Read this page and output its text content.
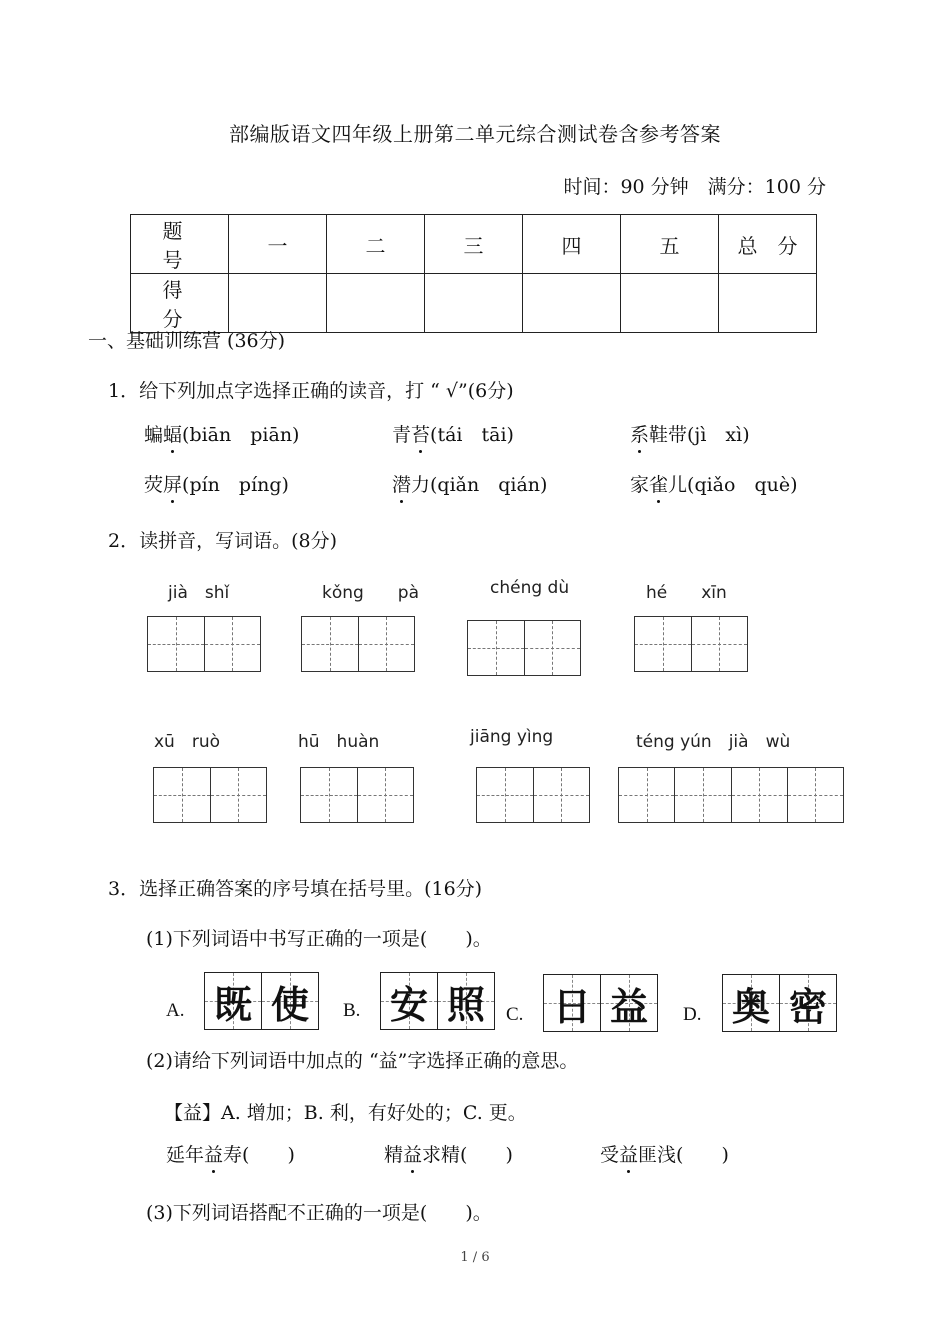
部编版语文四年级上册第二单元综合测试卷含参考答案
时间：90 分钟　满分：100 分
题　号	一	二	三	四	五	总　分
得　分						
一、基础训练营 (36分)
1．给下列加点字选择正确的读音，打 “ √”(6分)
蝙蝠(biān　piān)	青苔(tái　tāi)	系鞋带(jì　xì)
荧屏(pín　píng)	潜力(qiǎn　qián)	家雀儿(qiǎo　què)
2．读拼音，写词语。(8分)
jià　shǐ	kǒng　　pà	chéng dù	hé　　xīn
xū　ruò	hū　huàn	jiāng yìng	téng yún　jià　wù
3．选择正确答案的序号填在括号里。(16分)
(1)下列词语中书写正确的一项是(　　)。
A. 既 使 B. 安 照 C. 日 益 D. 奥 密
(2)请给下列词语中加点的 “益”字选择正确的意思。
【益】A. 增加；B. 利，有好处的；C. 更。
延年益寿(　　)	精益求精(　　)	受益匪浅(　　)
(3)下列词语搭配不正确的一项是(　　)。
1 / 6
